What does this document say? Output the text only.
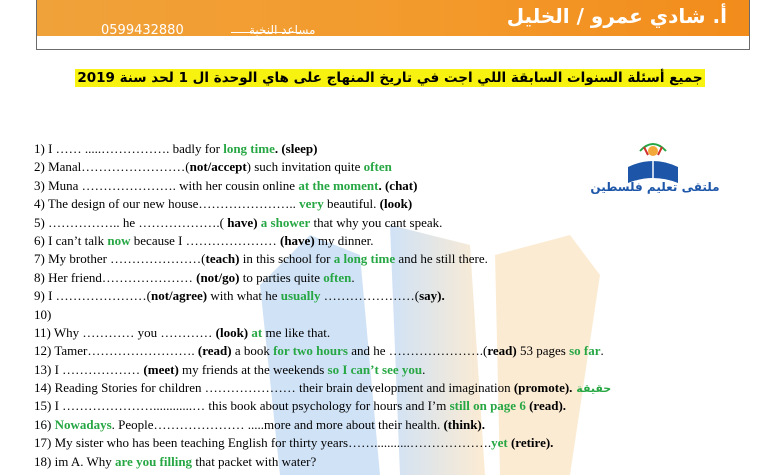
أ. شادي عمرو / الخليل
0599432880	مساعد النخبة
جميع أسئلة السنوات السابقة اللي اجت في تاريخ المنهاج على هاي الوحدة ال 1 لحد سنة 2019
ملتقى تعليم فلسطين
1) I …… .....……………. badly for long time. (sleep)
2) Manal……………………(not/accept) such invitation quite often
3) Muna …………………. with her cousin online at the moment. (chat)
4) The design of our new house………………….. very beautiful. (look)
5) …………….. he ……………….( have) a shower that why you cant speak.
6) I can’t talk now because I ………………… (have) my dinner.
7) My brother …………………(teach) in this school for a long time and he still there.
8) Her friend………………… (not/go) to parties quite often.
9) I …………………(not/agree) with what he usually …………………(say).
10)
11) Why ………… you ………… (look) at me like that.
12) Tamer……………………. (read) a book for two hours and he ………………….(read) 53 pages so far.
13) I ……………… (meet) my friends at the weekends so I can’t see you.
14) Reading Stories for children ………………… their brain development and imagination (promote). حقيقة
15) I …………………............… this book about psychology for hours and I’m still on page 6 (read).
16) Nowadays. People………………… .....more and more about their health. (think).
17) My sister who has been teaching English for thirty years……...........……………….yet (retire).
18) im A. Why are you filling that packet with water?
